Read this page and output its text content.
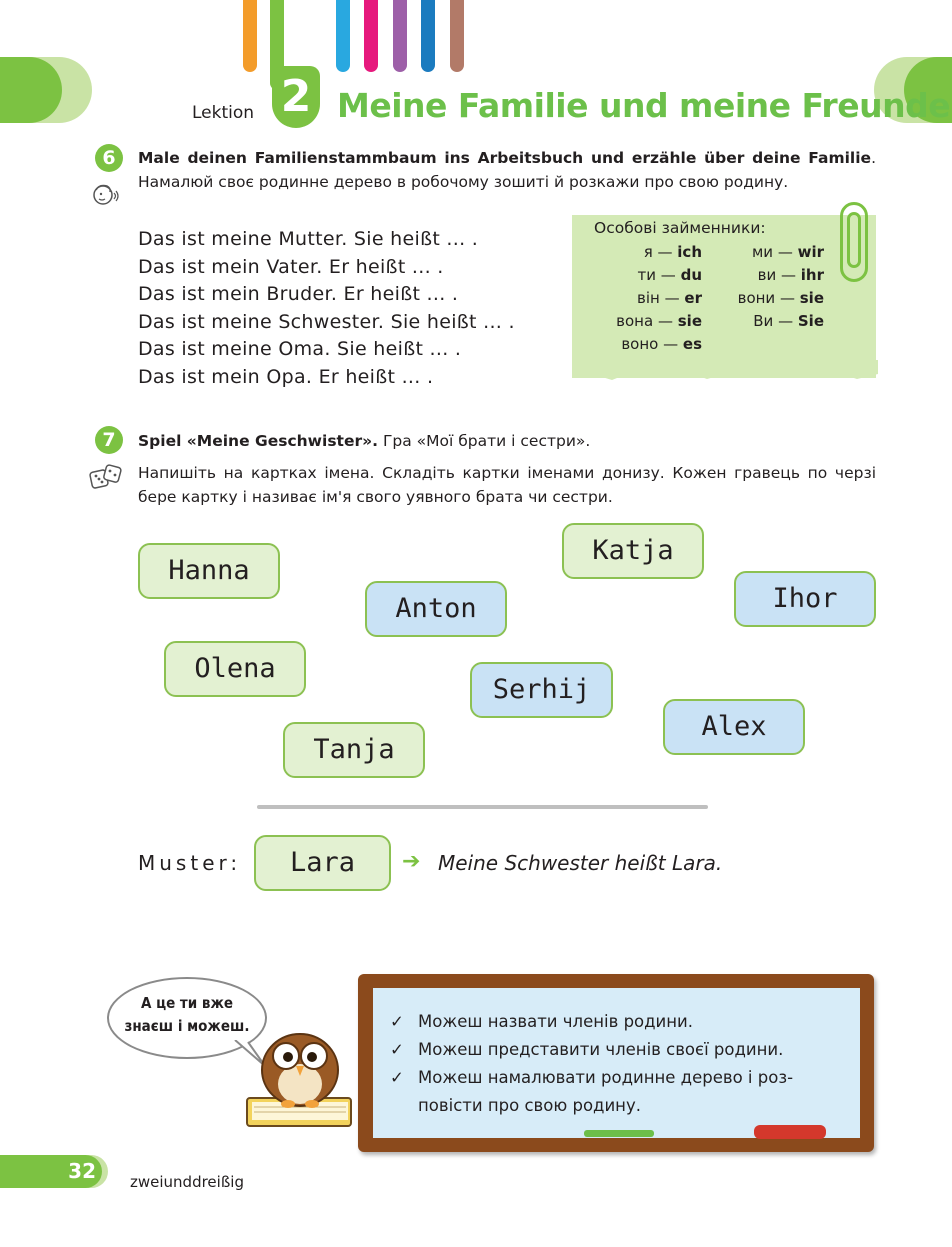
Lektion 2 Meine Familie und meine Freunde
6	Male deinen Familienstammbaum ins Arbeitsbuch und erzähle über deine Familie. Намалюй своє родинне дерево в робочому зошиті й розкажи про свою родину.
Das ist meine Mutter. Sie heißt ... .
Das ist mein Vater. Er heißt ... .
Das ist mein Bruder. Er heißt ... .
Das ist meine Schwester. Sie heißt ... .
Das ist meine Oma. Sie heißt ... .
Das ist mein Opa. Er heißt ... .
Особові займенники:
я — ich
ти — du
він — er
вона — sie
воно — es
ми — wir
ви — ihr
вони — sie
Ви — Sie
7	Spiel «Meine Geschwister». Гра «Мої брати і сестри».
Напишіть на картках імена. Складіть картки іменами донизу. Кожен гравець по черзі бере картку і називає ім'я свого уявного брата чи сестри.
Hanna
Katja
Anton	Ihor
Olena
Serhij
Alex
Tanja
Muster:	Lara	➔ Meine Schwester heißt Lara.
А це ти вже
знаєш і можеш.	✓ Можеш назвати членів родини.
✓ Можеш представити членів своєї родини.
✓ Можеш намалювати родинне дерево і роз-
повісти про свою родину.
32	zweiunddreißig
